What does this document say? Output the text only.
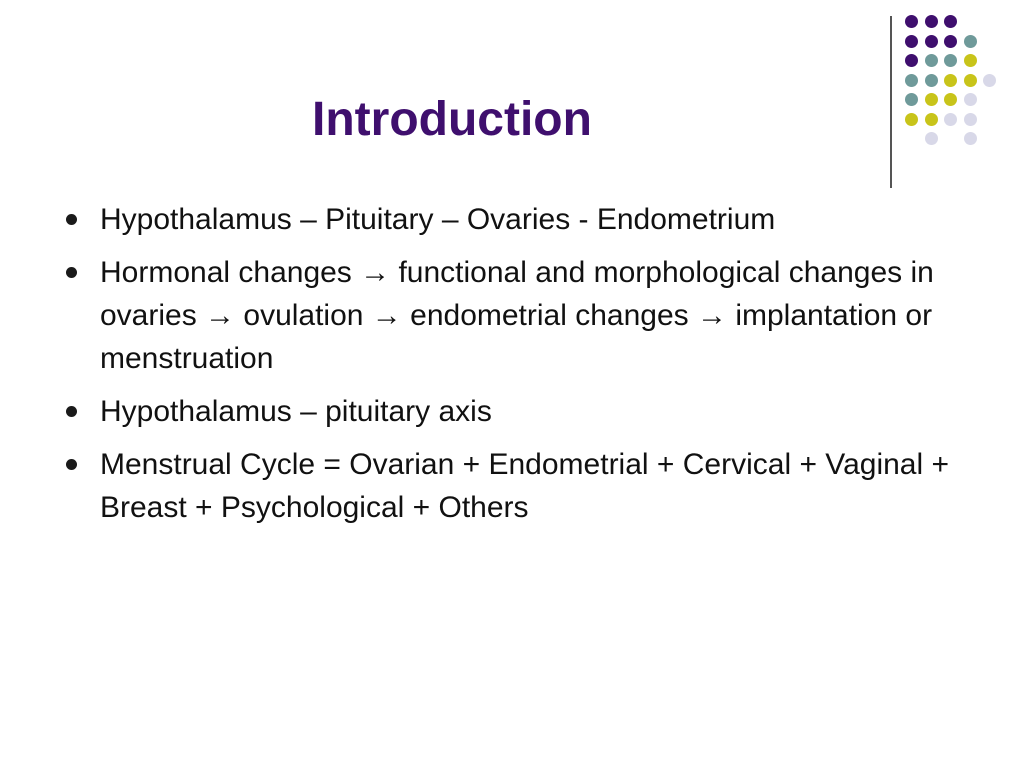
Introduction
Hypothalamus – Pituitary – Ovaries - Endometrium
Hormonal changes → functional and morphological changes in ovaries → ovulation → endometrial changes → implantation or menstruation
Hypothalamus – pituitary axis
Menstrual Cycle = Ovarian + Endometrial + Cervical + Vaginal + Breast + Psychological + Others
